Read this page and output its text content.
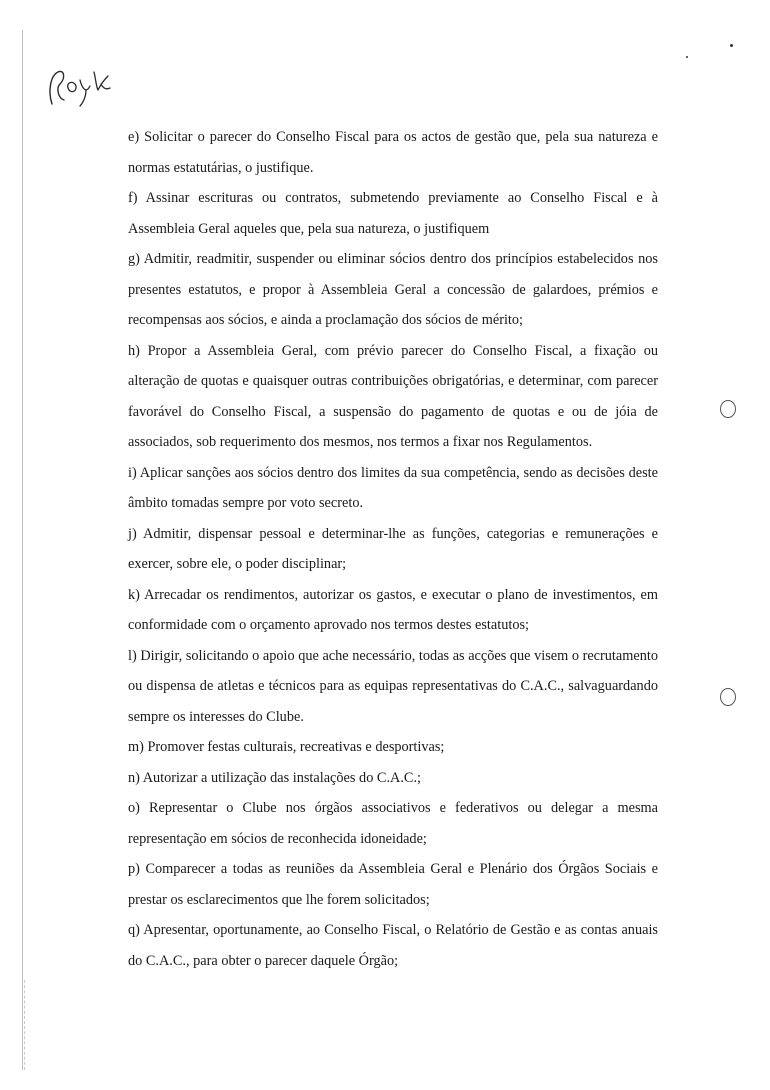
e) Solicitar o parecer do Conselho Fiscal para os actos de gestão que, pela sua natureza e normas estatutárias, o justifique.

f) Assinar escrituras ou contratos, submetendo previamente ao Conselho Fiscal e à Assembleia Geral aqueles que, pela sua natureza, o justifiquem

g) Admitir, readmitir, suspender ou eliminar sócios dentro dos princípios estabelecidos nos presentes estatutos, e propor à Assembleia Geral a concessão de galardoes, prémios e recompensas aos sócios, e ainda a proclamação dos sócios de mérito;

h) Propor a Assembleia Geral, com prévio parecer do Conselho Fiscal, a fixação ou alteração de quotas e quaisquer outras contribuições obrigatórias, e determinar, com parecer favorável do Conselho Fiscal, a suspensão do pagamento de quotas e ou de jóia de associados, sob requerimento dos mesmos, nos termos a fixar nos Regulamentos.

i) Aplicar sanções aos sócios dentro dos limites da sua competência, sendo as decisões deste âmbito tomadas sempre por voto secreto.

j) Admitir, dispensar pessoal e determinar-lhe as funções, categorias e remunerações e exercer, sobre ele, o poder disciplinar;

k) Arrecadar os rendimentos, autorizar os gastos, e executar o plano de investimentos, em conformidade com o orçamento aprovado nos termos destes estatutos;

l) Dirigir, solicitando o apoio que ache necessário, todas as acções que visem o recrutamento ou dispensa de atletas e técnicos para as equipas representativas do C.A.C., salvaguardando sempre os interesses do Clube.

m) Promover festas culturais, recreativas e desportivas;

n) Autorizar a utilização das instalações do C.A.C.;

o) Representar o Clube nos órgãos associativos e federativos ou delegar a mesma representação em sócios de reconhecida idoneidade;

p) Comparecer a todas as reuniões da Assembleia Geral e Plenário dos Órgãos Sociais e prestar os esclarecimentos que lhe forem solicitados;

q) Apresentar, oportunamente, ao Conselho Fiscal, o Relatório de Gestão e as contas anuais do C.A.C., para obter o parecer daquele Órgão;
